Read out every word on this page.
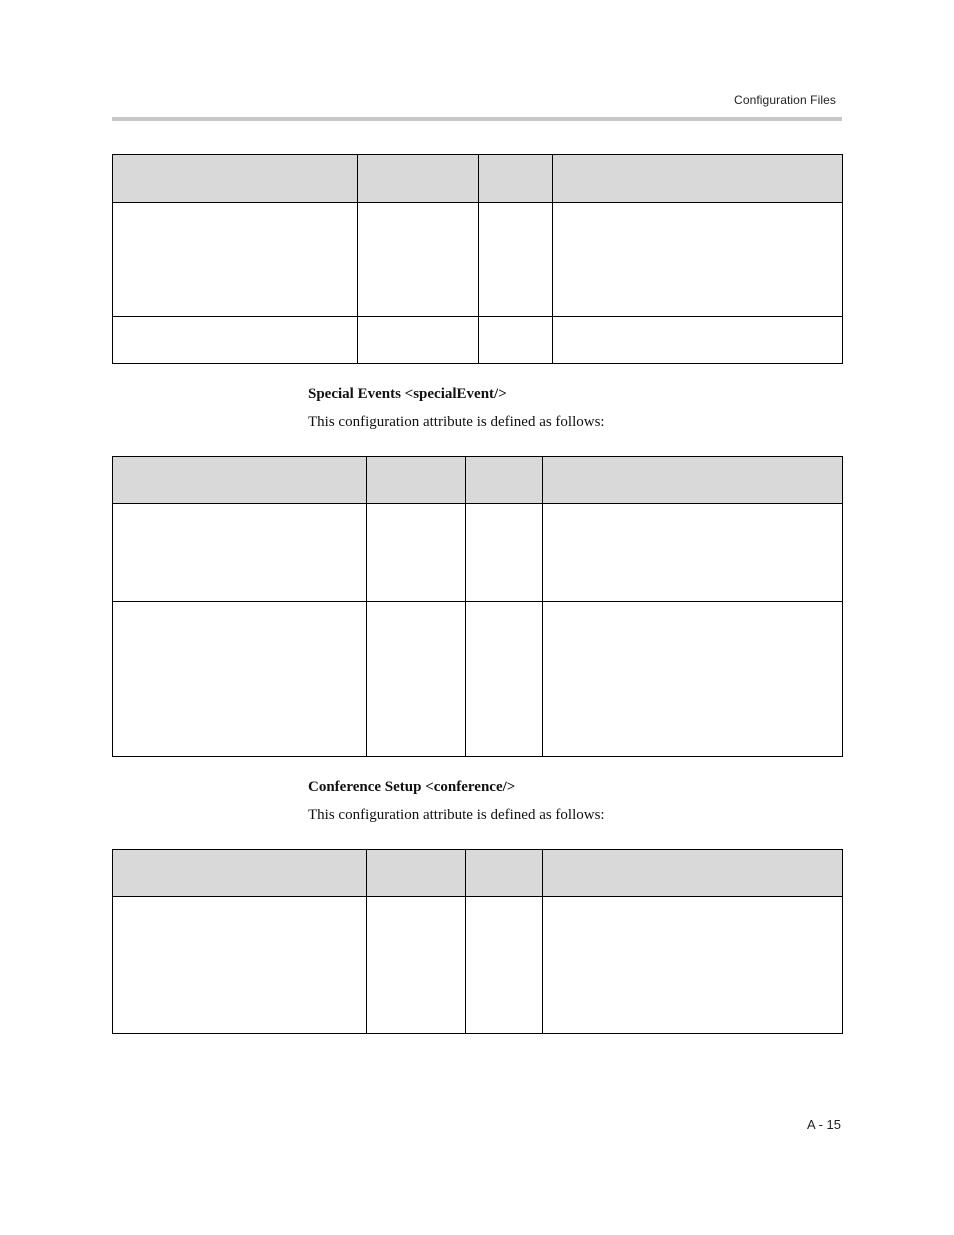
Configuration Files

Special Events <specialEvent/>
This configuration attribute is defined as follows:

Conference Setup <conference/>
This configuration attribute is defined as follows:

A - 15
